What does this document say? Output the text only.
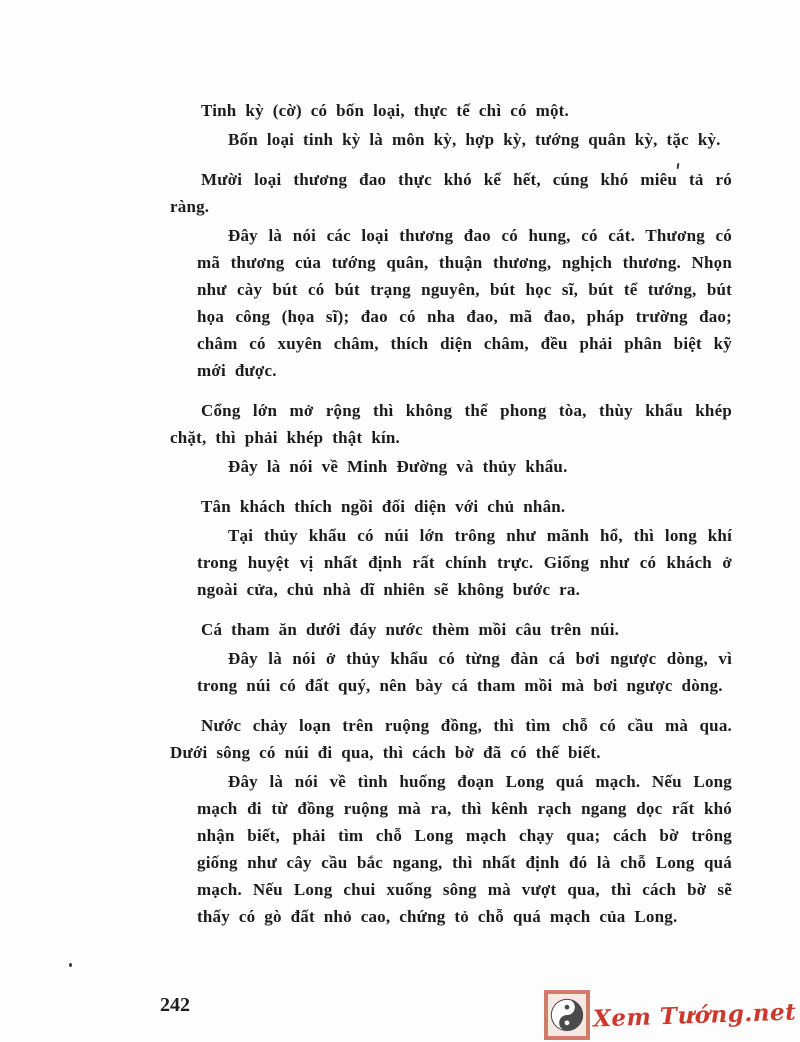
Tinh kỳ (cờ) có bốn loại, thực tế chì có một.

Bốn loại tinh kỳ là môn kỳ, hợp kỳ, tướng quân kỳ, tặc kỳ.

Mười loại thương đao thực khó kể hết, cúng khó miêu tả ró ràng.

Đây là nói các loại thương đao có hung, có cát. Thương có mã thương của tướng quân, thuận thương, nghịch thương. Nhọn như cày bút có bút trạng nguyên, bút học sĩ, bút tể tướng, bút họa công (họa sĩ); đao có nha đao, mã đao, pháp trường đao; châm có xuyên châm, thích diện châm, đều phải phân biệt kỹ mới được.

Cổng lớn mở rộng thì không thể phong tòa, thùy khẩu khép chặt, thì phải khép thật kín.

Đây là nói về Minh Đường và thủy khẩu.

Tân khách thích ngồi đối diện với chủ nhân.

Tại thủy khẩu có núi lớn trông như mãnh hổ, thì long khí trong huyệt vị nhất định rất chính trực. Giống như có khách ở ngoài cửa, chủ nhà dĩ nhiên sẽ không bước ra.

Cá tham ăn dưới đáy nước thèm mồi câu trên núi.

Đây là nói ở thủy khẩu có từng đàn cá bơi ngược dòng, vì trong núi có đất quý, nên bày cá tham mồi mà bơi ngược dòng.

Nước chảy loạn trên ruộng đồng, thì tìm chỗ có cầu mà qua. Dưới sông có núi đi qua, thì cách bờ đã có thế biết.

Đây là nói về tình huống đoạn Long quá mạch. Nếu Long mạch đi từ đồng ruộng mà ra, thì kênh rạch ngang dọc rất khó nhận biết, phải tìm chỗ Long mạch chạy qua; cách bờ trông giống như cây cầu bắc ngang, thì nhất định đó là chỗ Long quá mạch. Nếu Long chui xuống sông mà vượt qua, thì cách bờ sẽ thấy có gò đất nhỏ cao, chứng tỏ chỗ quá mạch của Long.

242	Xem Tướng.net
